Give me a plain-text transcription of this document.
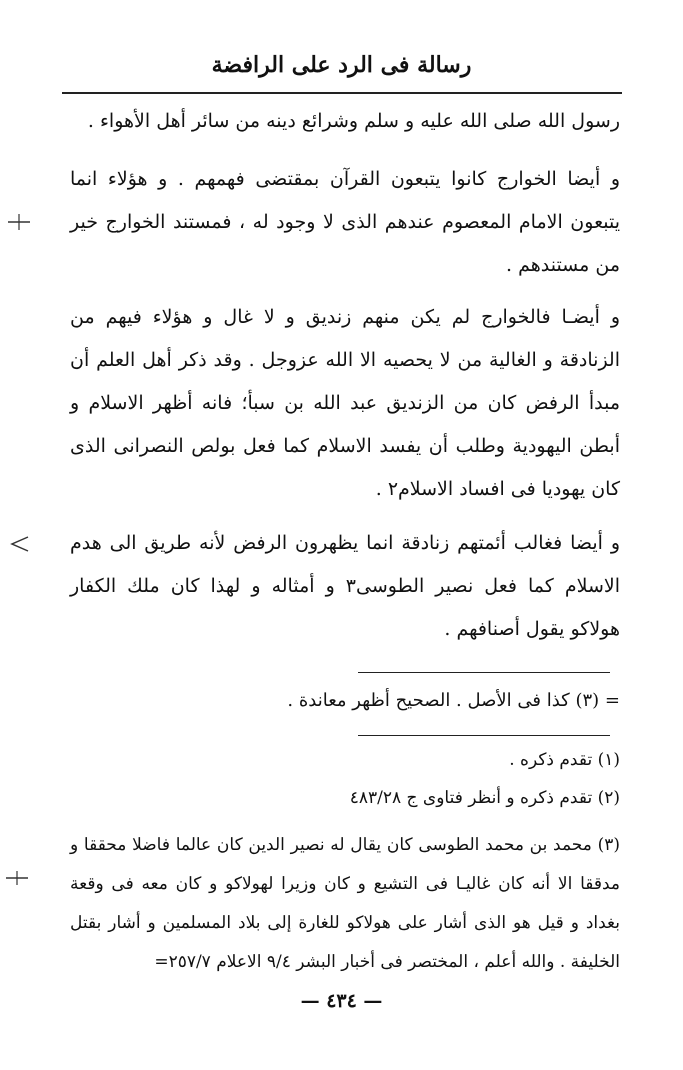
رسالة فى الرد على الرافضة

رسول الله صلى الله عليه و سلم وشرائع دينه من سائر أهل الأهواء .

و أيضا الخوارج كانوا يتبعون القرآن بمقتضى فهمهم . و هؤلاء انما يتبعون الامام المعصوم عندهم الذى لا وجود له ، فمستند الخوارج خير من مستندهم .

و أيضـا فالخوارج لم يكن منهم زنديق و لا غال و هؤلاء فيهم من الزنادقة و الغالية من لا يحصيه الا الله عزوجل . وقد ذكر أهل العلم أن مبدأ الرفض كان من الزنديق عبد الله بن سبأ؛ فانه أظهر الاسلام و أبطن اليهودية وطلب أن يفسد الاسلام كما فعل بولص النصرانى الذى كان يهوديا فى افساد الاسلام٢ .

و أيضا فغالب أئمتهم زنادقة انما يظهرون الرفض لأنه طريق الى هدم الاسلام كما فعل نصير الطوسى٣ و أمثاله و لهذا كان ملك الكفار هولاكو يقول أصنافهم .

= (٣) كذا فى الأصل . الصحيح أظهر معاندة .
(١) تقدم ذكره .
(٢) تقدم ذكره و أنظر فتاوى ج ٤٨٣/٢٨
(٣) محمد بن محمد الطوسى كان يقال له نصير الدين كان عالما فاضلا محققا و مدققا الا أنه كان غاليـا فى التشيع و كان وزيرا لهولاكو و كان معه فى وقعة بغداد و قيل هو الذى أشار على هولاكو للغارة إلى بلاد المسلمين و أشار بقتل الخليفة . والله أعلم ، المختصر فى أخبار البشر ٩/٤ الاعلام ٢٥٧/٧=
— ٤٣٤ —
